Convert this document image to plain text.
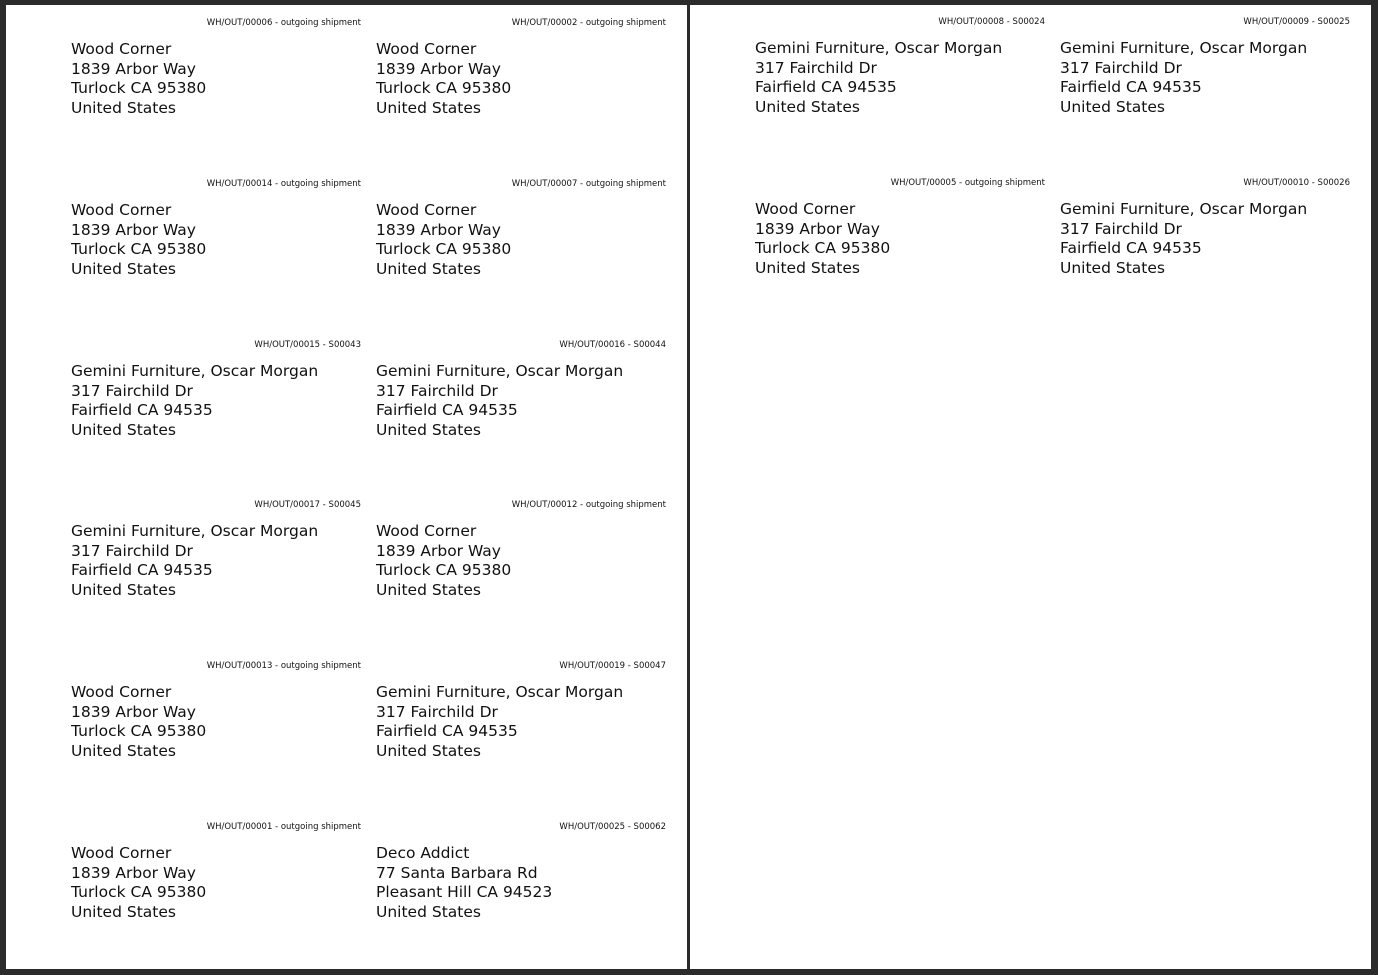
WH/OUT/00006 - outgoing shipment
Wood Corner
1839 Arbor Way
Turlock CA 95380
United States
WH/OUT/00002 - outgoing shipment
Wood Corner
1839 Arbor Way
Turlock CA 95380
United States
WH/OUT/00014 - outgoing shipment
Wood Corner
1839 Arbor Way
Turlock CA 95380
United States
WH/OUT/00007 - outgoing shipment
Wood Corner
1839 Arbor Way
Turlock CA 95380
United States
WH/OUT/00015 - S00043
Gemini Furniture, Oscar Morgan
317 Fairchild Dr
Fairfield CA 94535
United States
WH/OUT/00016 - S00044
Gemini Furniture, Oscar Morgan
317 Fairchild Dr
Fairfield CA 94535
United States
WH/OUT/00017 - S00045
Gemini Furniture, Oscar Morgan
317 Fairchild Dr
Fairfield CA 94535
United States
WH/OUT/00012 - outgoing shipment
Wood Corner
1839 Arbor Way
Turlock CA 95380
United States
WH/OUT/00013 - outgoing shipment
Wood Corner
1839 Arbor Way
Turlock CA 95380
United States
WH/OUT/00019 - S00047
Gemini Furniture, Oscar Morgan
317 Fairchild Dr
Fairfield CA 94535
United States
WH/OUT/00001 - outgoing shipment
Wood Corner
1839 Arbor Way
Turlock CA 95380
United States
WH/OUT/00025 - S00062
Deco Addict
77 Santa Barbara Rd
Pleasant Hill CA 94523
United States
WH/OUT/00008 - S00024
Gemini Furniture, Oscar Morgan
317 Fairchild Dr
Fairfield CA 94535
United States
WH/OUT/00009 - S00025
Gemini Furniture, Oscar Morgan
317 Fairchild Dr
Fairfield CA 94535
United States
WH/OUT/00005 - outgoing shipment
Wood Corner
1839 Arbor Way
Turlock CA 95380
United States
WH/OUT/00010 - S00026
Gemini Furniture, Oscar Morgan
317 Fairchild Dr
Fairfield CA 94535
United States
